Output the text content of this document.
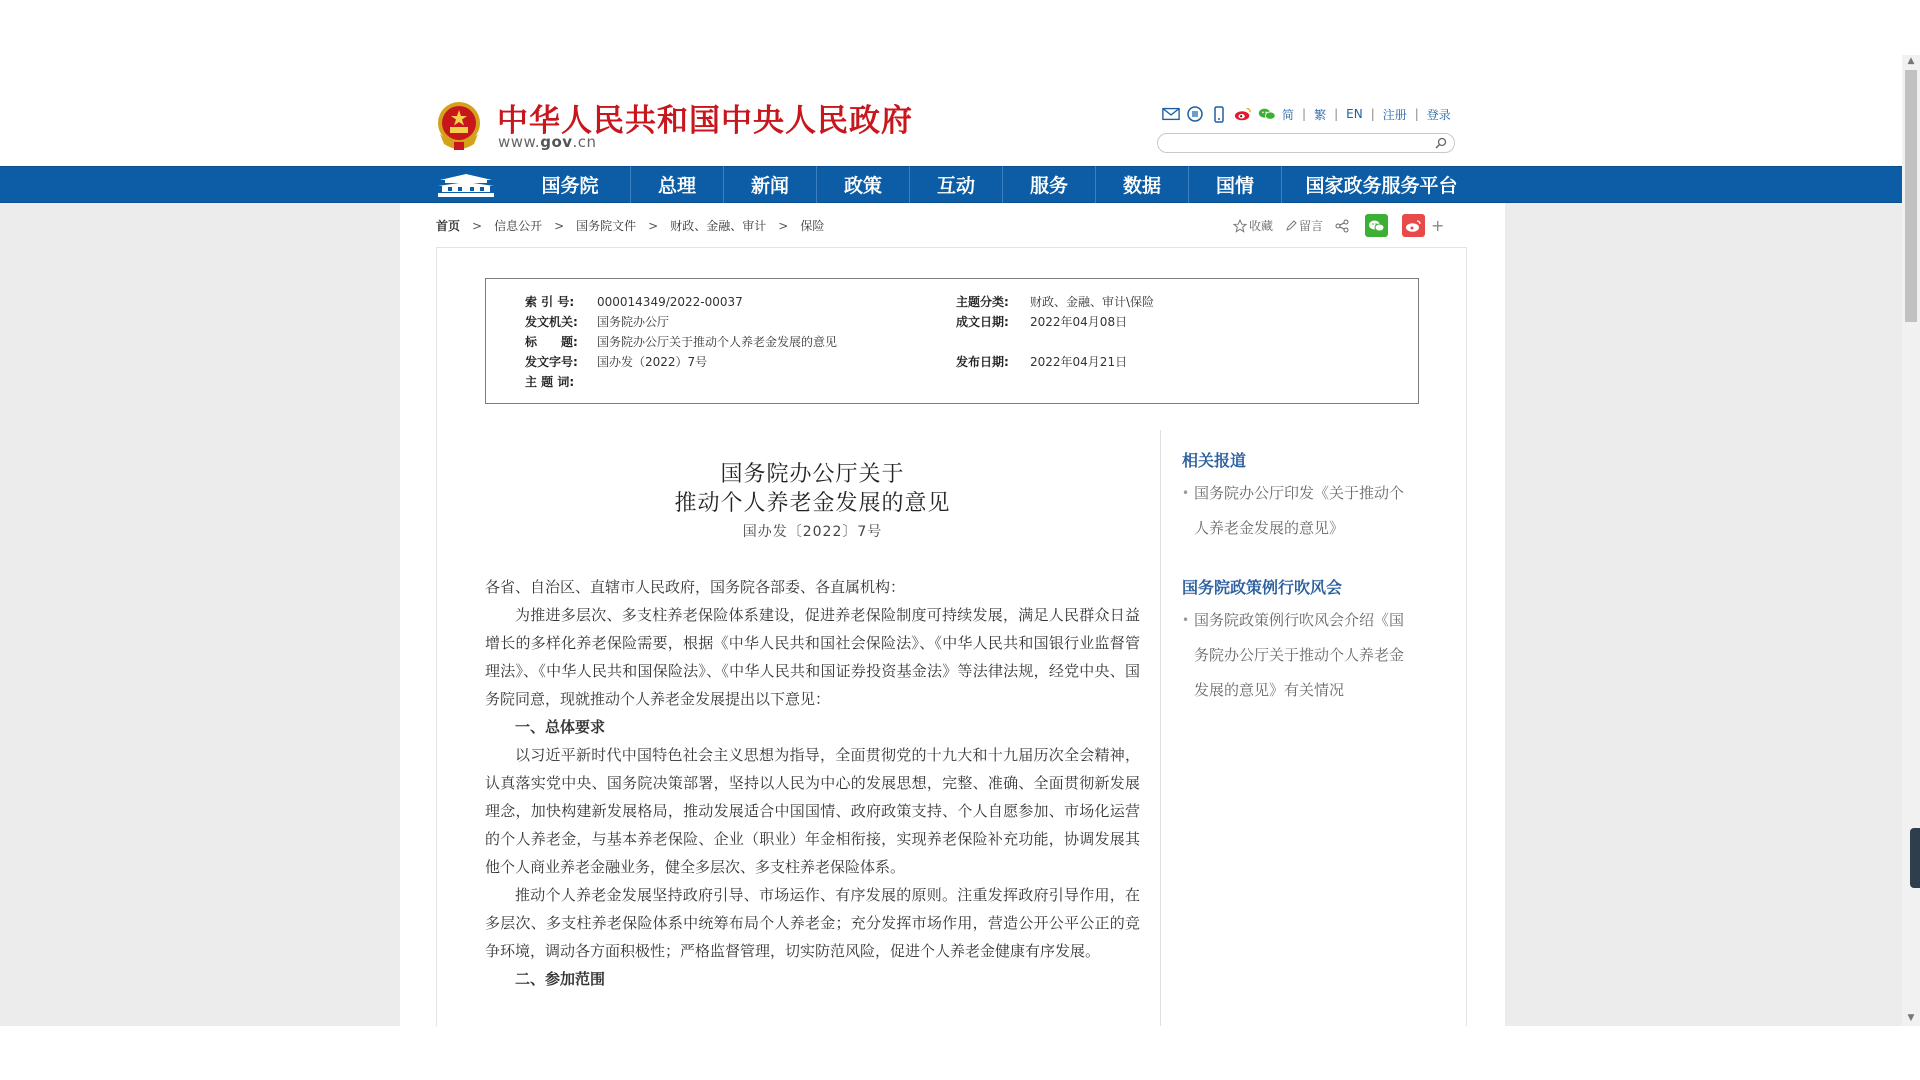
中华人民共和国中央人民政府
www.gov.cn
简 | 繁 | EN | 注册 | 登录
国务院	总理	新闻	政策	互动	服务	数据	国情	国家政务服务平台
首页 > 信息公开 > 国务院文件 > 财政、金融、审计 > 保险	收藏 留言	+
索 引 号: 000014349/2022-00037	主题分类: 财政、金融、审计\保险
发文机关: 国务院办公厅	成文日期: 2022年04月08日
标　　题: 国务院办公厅关于推动个人养老金发展的意见
发文字号: 国办发（2022）7号	发布日期: 2022年04月21日
主 题 词:
国务院办公厅关于
推动个人养老金发展的意见
国办发〔2022〕7号

各省、自治区、直辖市人民政府，国务院各部委、各直属机构：

为推进多层次、多支柱养老保险体系建设，促进养老保险制度可持续发展，满足人民群众日益增长的多样化养老保险需要，根据《中华人民共和国社会保险法》、《中华人民共和国银行业监督管理法》、《中华人民共和国保险法》、《中华人民共和国证券投资基金法》等法律法规，经党中央、国务院同意，现就推动个人养老金发展提出以下意见：

一、总体要求

以习近平新时代中国特色社会主义思想为指导，全面贯彻党的十九大和十九届历次全会精神，认真落实党中央、国务院决策部署，坚持以人民为中心的发展思想，完整、准确、全面贯彻新发展理念，加快构建新发展格局，推动发展适合中国国情、政府政策支持、个人自愿参加、市场化运营的个人养老金，与基本养老保险、企业（职业）年金相衔接，实现养老保险补充功能，协调发展其他个人商业养老金融业务，健全多层次、多支柱养老保险体系。

推动个人养老金发展坚持政府引导、市场运作、有序发展的原则。注重发挥政府引导作用，在多层次、多支柱养老保险体系中统筹布局个人养老金；充分发挥市场作用，营造公开公平公正的竞争环境，调动各方面积极性；严格监督管理，切实防范风险，促进个人养老金健康有序发展。

二、参加范围

相关报道
• 国务院办公厅印发《关于推动个人养老金发展的意见》
国务院政策例行吹风会
• 国务院政策例行吹风会介绍《国务院办公厅关于推动个人养老金发展的意见》有关情况
▲
▼
